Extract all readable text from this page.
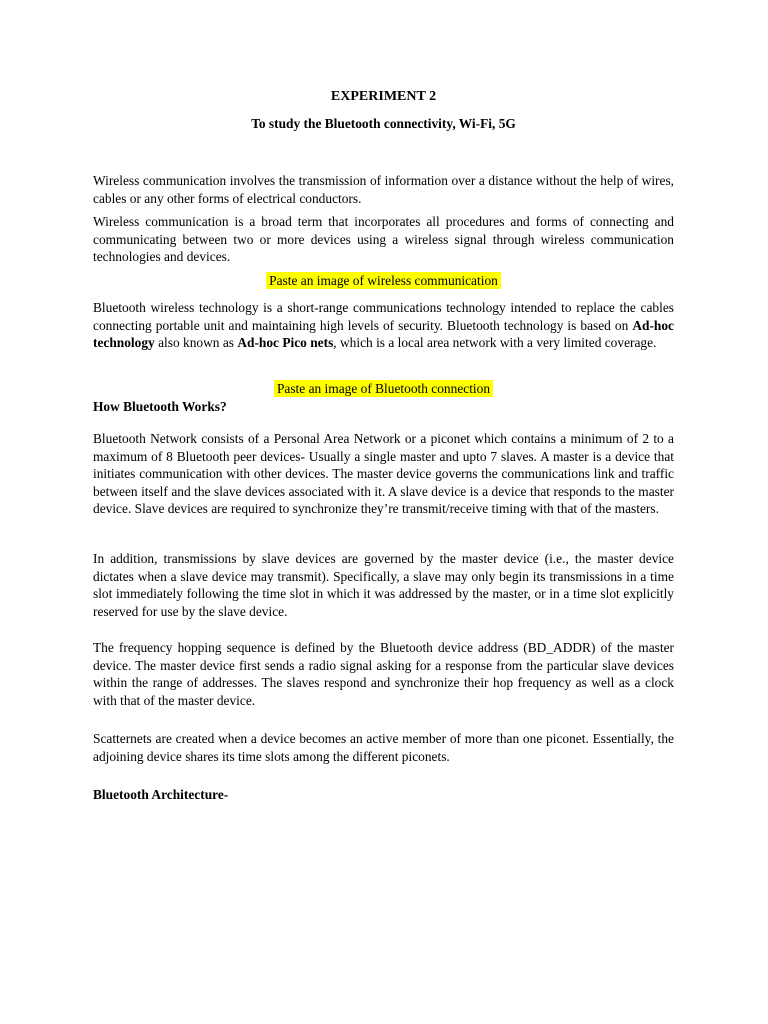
EXPERIMENT 2

To study the Bluetooth connectivity, Wi-Fi, 5G

Wireless communication involves the transmission of information over a distance without the help of wires, cables or any other forms of electrical conductors.

Wireless communication is a broad term that incorporates all procedures and forms of connecting and communicating between two or more devices using a wireless signal through wireless communication technologies and devices.

Paste an image of wireless communication

Bluetooth wireless technology is a short-range communications technology intended to replace the cables connecting portable unit and maintaining high levels of security. Bluetooth technology is based on Ad-hoc technology also known as Ad-hoc Pico nets, which is a local area network with a very limited coverage.

Paste an image of Bluetooth connection

How Bluetooth Works?

Bluetooth Network consists of a Personal Area Network or a piconet which contains a minimum of 2 to a maximum of 8 Bluetooth peer devices- Usually a single master and upto 7 slaves. A master is a device that initiates communication with other devices. The master device governs the communications link and traffic between itself and the slave devices associated with it. A slave device is a device that responds to the master device. Slave devices are required to synchronize they’re transmit/receive timing with that of the masters.

In addition, transmissions by slave devices are governed by the master device (i.e., the master device dictates when a slave device may transmit). Specifically, a slave may only begin its transmissions in a time slot immediately following the time slot in which it was addressed by the master, or in a time slot explicitly reserved for use by the slave device.

The frequency hopping sequence is defined by the Bluetooth device address (BD_ADDR) of the master device. The master device first sends a radio signal asking for a response from the particular slave devices within the range of addresses. The slaves respond and synchronize their hop frequency as well as a clock with that of the master device.

Scatternets are created when a device becomes an active member of more than one piconet. Essentially, the adjoining device shares its time slots among the different piconets.

Bluetooth Architecture-
